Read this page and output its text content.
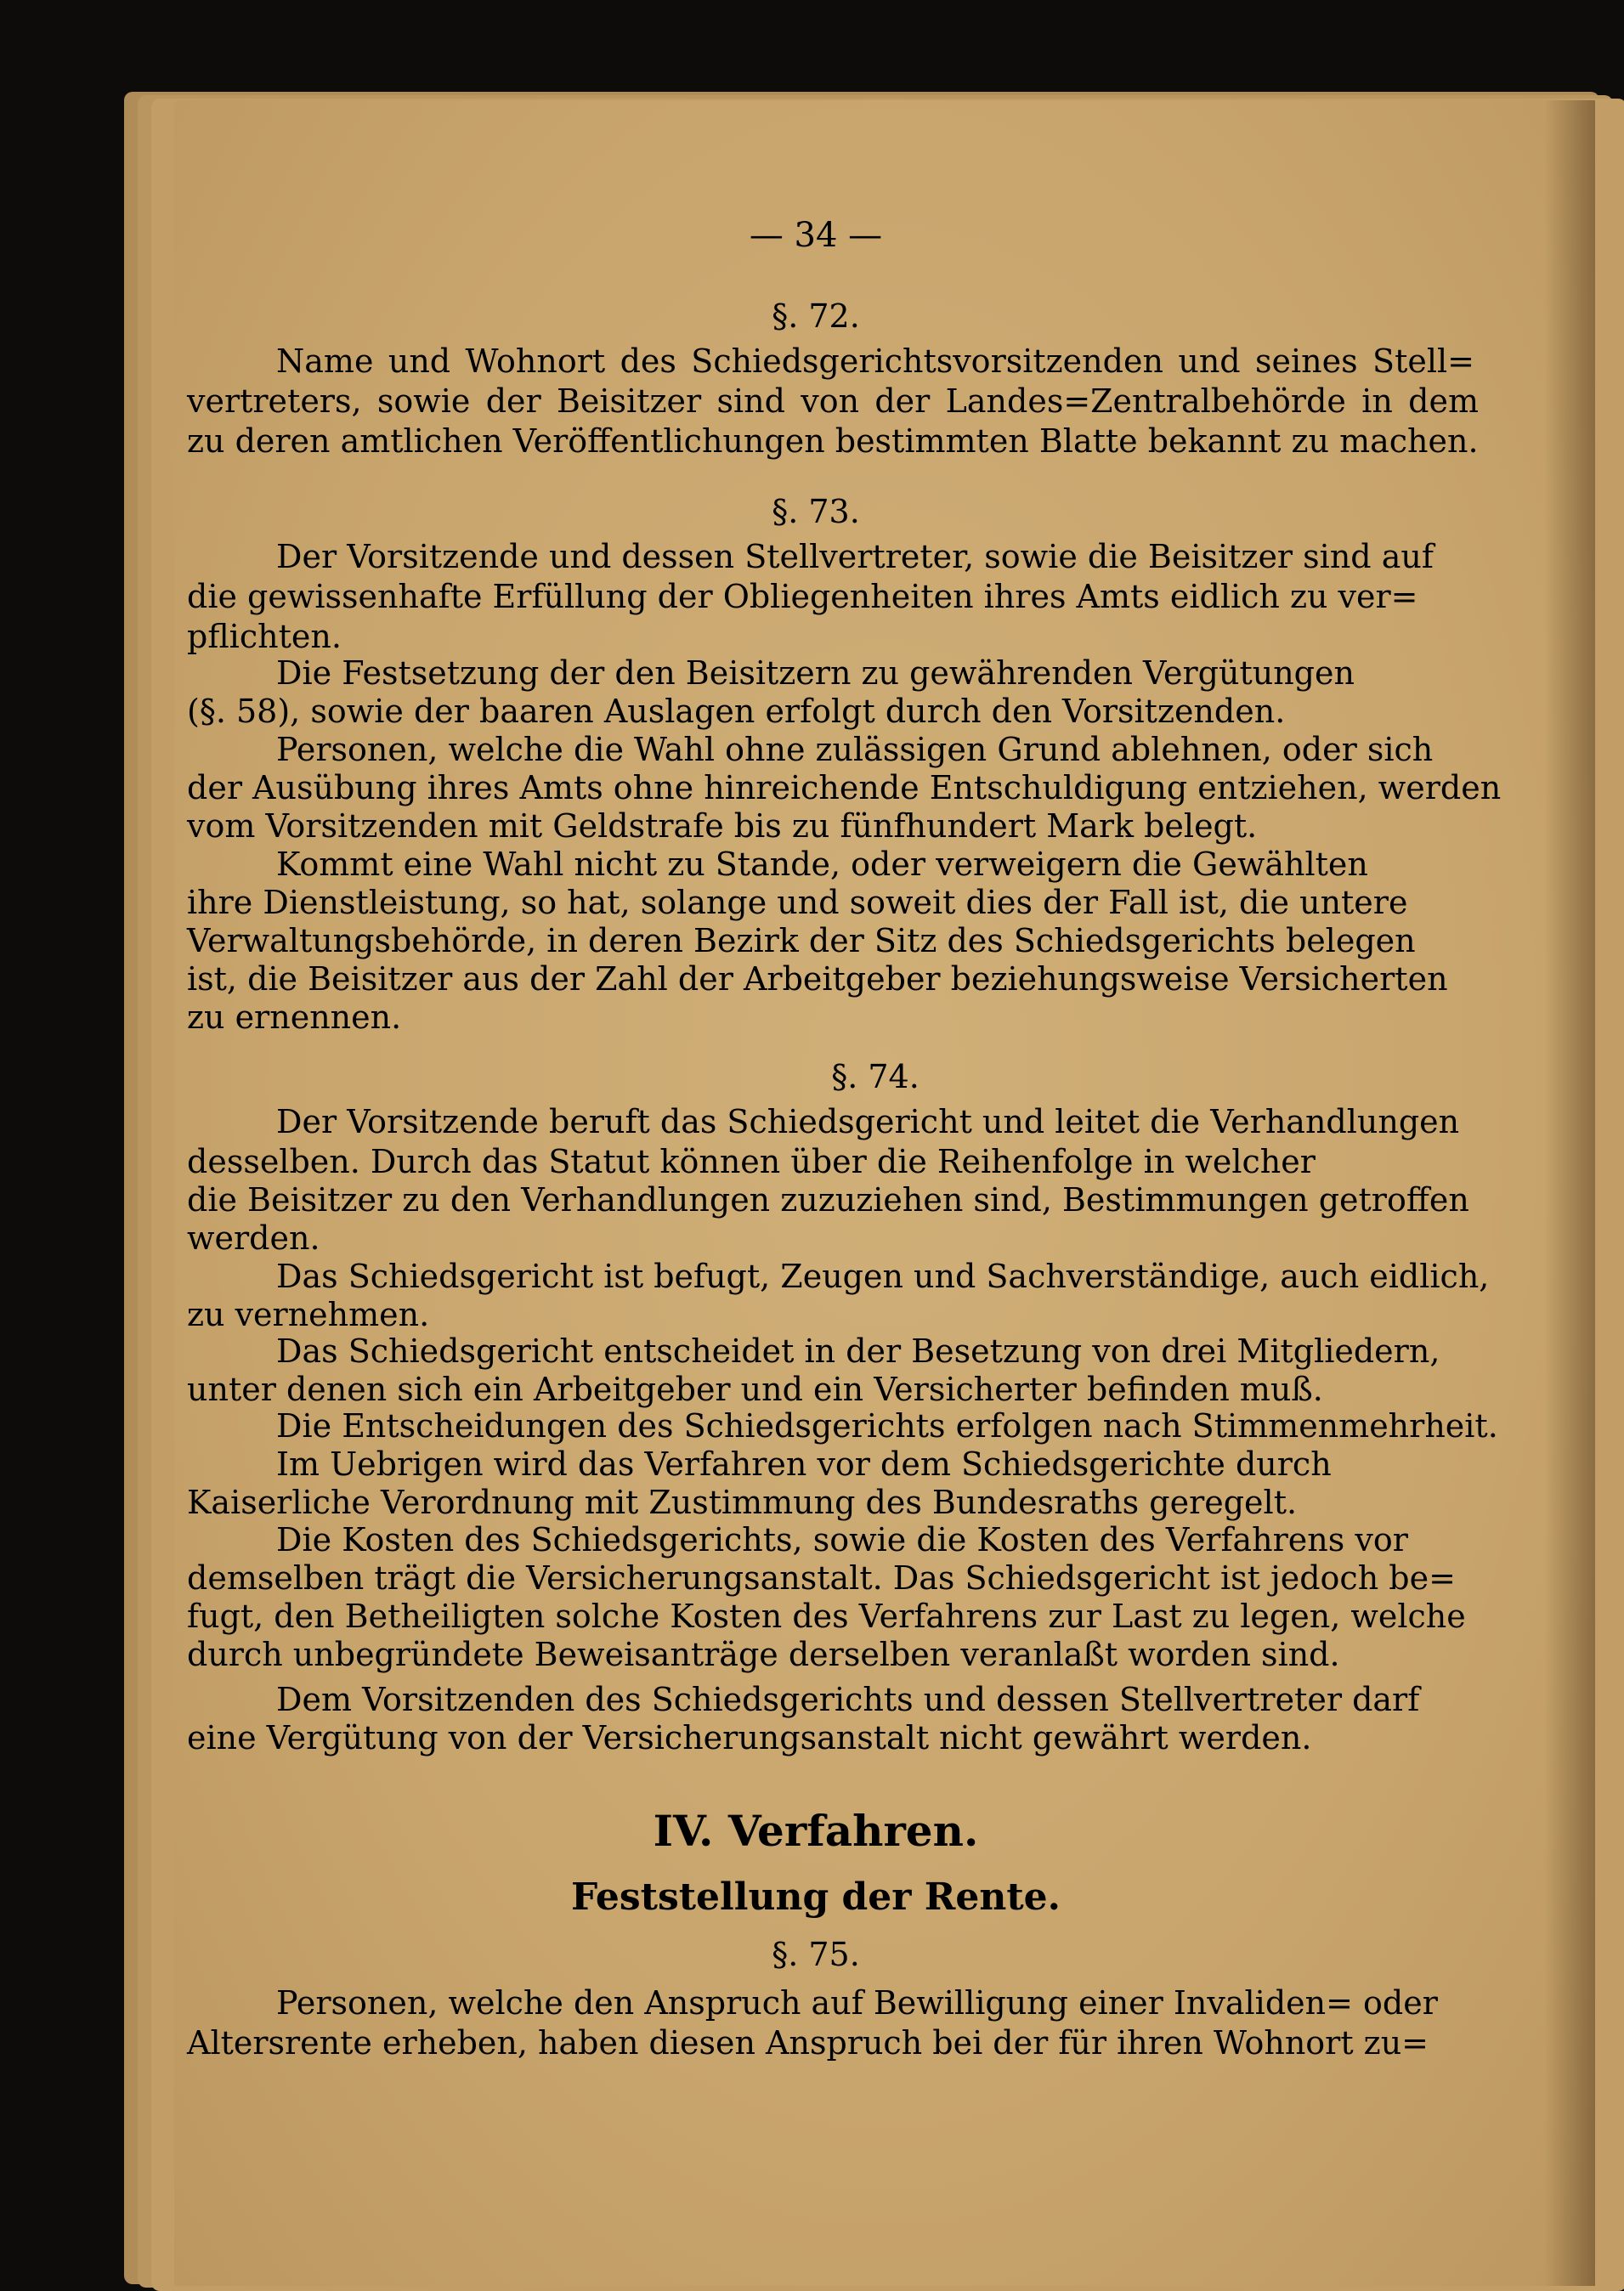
— 34 —
§. 72.
Name und Wohnort des Schiedsgerichtsvorsitzenden und seines Stell=
vertreters, sowie der Beisitzer sind von der Landes=Zentralbehörde in dem
zu deren amtlichen Veröffentlichungen bestimmten Blatte bekannt zu machen.
§. 73.
Der Vorsitzende und dessen Stellvertreter, sowie die Beisitzer sind auf
die gewissenhafte Erfüllung der Obliegenheiten ihres Amts eidlich zu ver=
pflichten.
Die Festsetzung der den Beisitzern zu gewährenden Vergütungen
(§. 58), sowie der baaren Auslagen erfolgt durch den Vorsitzenden.
Personen, welche die Wahl ohne zulässigen Grund ablehnen, oder sich
der Ausübung ihres Amts ohne hinreichende Entschuldigung entziehen, werden
vom Vorsitzenden mit Geldstrafe bis zu fünfhundert Mark belegt.
Kommt eine Wahl nicht zu Stande, oder verweigern die Gewählten
ihre Dienstleistung, so hat, solange und soweit dies der Fall ist, die untere
Verwaltungsbehörde, in deren Bezirk der Sitz des Schiedsgerichts belegen
ist, die Beisitzer aus der Zahl der Arbeitgeber beziehungsweise Versicherten
zu ernennen.
§. 74.
Der Vorsitzende beruft das Schiedsgericht und leitet die Verhandlungen
desselben. Durch das Statut können über die Reihenfolge in welcher
die Beisitzer zu den Verhandlungen zuzuziehen sind, Bestimmungen getroffen
werden.
Das Schiedsgericht ist befugt, Zeugen und Sachverständige, auch eidlich,
zu vernehmen.
Das Schiedsgericht entscheidet in der Besetzung von drei Mitgliedern,
unter denen sich ein Arbeitgeber und ein Versicherter befinden muß.
Die Entscheidungen des Schiedsgerichts erfolgen nach Stimmenmehrheit.
Im Uebrigen wird das Verfahren vor dem Schiedsgerichte durch
Kaiserliche Verordnung mit Zustimmung des Bundesraths geregelt.
Die Kosten des Schiedsgerichts, sowie die Kosten des Verfahrens vor
demselben trägt die Versicherungsanstalt. Das Schiedsgericht ist jedoch be=
fugt, den Betheiligten solche Kosten des Verfahrens zur Last zu legen, welche
durch unbegründete Beweisanträge derselben veranlaßt worden sind.
Dem Vorsitzenden des Schiedsgerichts und dessen Stellvertreter darf
eine Vergütung von der Versicherungsanstalt nicht gewährt werden.
IV. Verfahren.
Feststellung der Rente.
§. 75.
Personen, welche den Anspruch auf Bewilligung einer Invaliden= oder
Altersrente erheben, haben diesen Anspruch bei der für ihren Wohnort zu=
